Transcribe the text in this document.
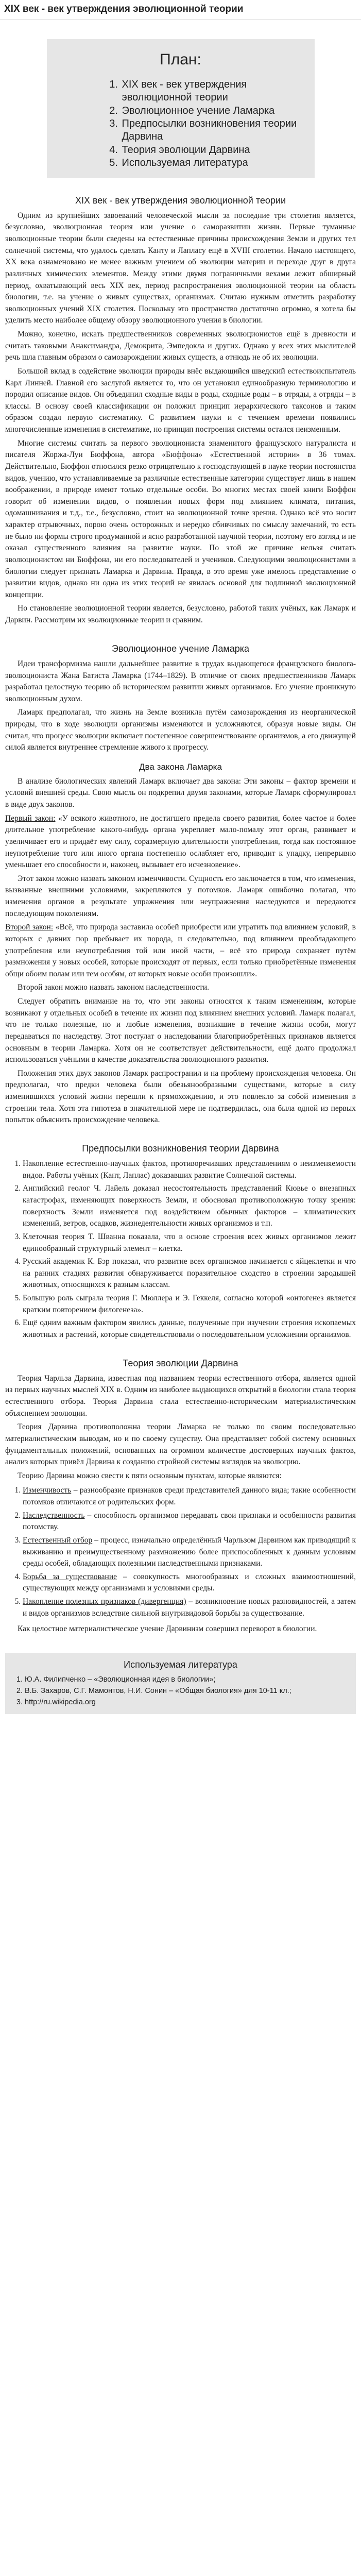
XIX век - век утверждения эволюционной теории
План:
1. XIX век - век утверждения эволюционной теории
2. Эволюционное учение Ламарка
3. Предпосылки возникновения теории Дарвина
4. Теория эволюции Дарвина
5. Используемая литература
XIX век - век утверждения эволюционной теории

Одним из крупнейших завоеваний человеческой мысли за последние три столетия является, безусловно, эволюционная теория или учение о саморазвитии жизни. Первые туманные эволюционные теории были сведены на естественные причины происхождения Земли и других тел солнечной системы, что удалось сделать Канту и Лапласу ещё в XVIII столетии. Начало настоящего, XX века ознаменовано не менее важным учением об эволюции материи и переходе друг в друга различных химических элементов. Между этими двумя пограничными вехами лежит обширный период, охватывающий весь XIX век, период распространения эволюционной теории на область биологии, т.е. на учение о живых существах, организмах. Считаю нужным отметить разработку эволюционных учений XIX столетия. Поскольку это пространство достаточно огромно, я хотела бы уделить место наиболее общему обзору эволюционного учения в биологии.

Можно, конечно, искать предшественников современных эволюционистов ещё в древности и считать таковыми Анаксимандра, Демокрита, Эмпедокла и других. Однако у всех этих мыслителей речь шла главным образом о самозарождении живых существ, а отнюдь не об их эволюции.

Большой вклад в содействие эволюции природы внёс выдающийся шведский естествоиспытатель Карл Линней. Главной его заслугой является то, что он установил единообразную терминологию и породил описание видов. Он объединил сходные виды в роды, сходные роды – в отряды, а отряды – в классы. В основу своей классификации он положил принцип иерархического таксонов и таким образом создал первую систематику. С развитием науки и с течением времени появились многочисленные изменения в систематике, но принцип построения системы остался неизменным.

Многие системы считать за первого эволюциониста знаменитого французского натуралиста и писателя Жоржа-Луи Бюффона, автора «Бюффона» «Естественной истории» в 36 томах. Действительно, Бюффон относился резко отрицательно к господствующей в науке теории постоянства видов, учению, что устанавливаемые за различные естественные категории существует лишь в нашем воображении, в природе имеют только отдельные особи. Во многих местах своей книги Бюффон говорит об изменении видов, о появлении новых форм под влиянием климата, питания, одомашнивания и т.д., т.е., безусловно, стоит на эволюционной точке зрения. Однако всё это носит характер отрывочных, порою очень осторожных и нередко сбивчивых по смыслу замечаний, то есть не было ни формы строго продуманной и ясно разработанной научной теории, поэтому его взгляд и не оказал существенного влияния на развитие науки. По этой же причине нельзя считать эволюционистом ни Бюффона, ни его последователей и учеников. Следующими эволюционистами в биологии следует признать Ламарка и Дарвина. Правда, в это время уже имелось представление о развитии видов, однако ни одна из этих теорий не явилась основой для подлинной эволюционной концепции.

Но становление эволюционной теории является, безусловно, работой таких учёных, как Ламарк и Дарвин. Рассмотрим их эволюционные теории и сравним.

Эволюционное учение Ламарка

Идеи трансформизма нашли дальнейшее развитие в трудах выдающегося французского биолога-эволюциониста Жана Батиста Ламарка (1744–1829). В отличие от своих предшественников Ламарк разработал целостную теорию об историческом развитии живых организмов. Его учение проникнуто эволюционным духом.

Ламарк предполагал, что жизнь на Земле возникла путём самозарождения из неорганической природы, что в ходе эволюции организмы изменяются и усложняются, образуя новые виды. Он считал, что процесс эволюции включает постепенное совершенствование организмов, а его движущей силой является внутреннее стремление живого к прогрессу.

Два закона Ламарка

В анализе биологических явлений Ламарк включает два закона: Эти законы – фактор времени и условий внешней среды. Свою мысль он подкрепил двумя законами, которые Ламарк сформулировал в виде двух законов.

Первый закон: «У всякого животного, не достигшего предела своего развития, более частое и более длительное употребление какого-нибудь органа укрепляет мало-помалу этот орган, развивает и увеличивает его и придаёт ему силу, соразмерную длительности употребления, тогда как постоянное неупотребление того или иного органа постепенно ослабляет его, приводит к упадку, непрерывно уменьшает его способности и, наконец, вызывает его исчезновение».

Этот закон можно назвать законом изменчивости. Сущность его заключается в том, что изменения, вызванные внешними условиями, закрепляются у потомков. Ламарк ошибочно полагал, что изменения органов в результате упражнения или неупражнения наследуются и передаются последующим поколениям.

Второй закон: «Всё, что природа заставила особей приобрести или утратить под влиянием условий, в которых с давних пор пребывает их порода, и следовательно, под влиянием преобладающего употребления или неупотребления той или иной части, – всё это природа сохраняет путём размножения у новых особей, которые происходят от первых, если только приобретённые изменения общи обоим полам или тем особям, от которых новые особи произошли».

Второй закон можно назвать законом наследственности.

Следует обратить внимание на то, что эти законы относятся к таким изменениям, которые возникают у отдельных особей в течение их жизни под влиянием внешних условий. Ламарк полагал, что не только полезные, но и любые изменения, возникшие в течение жизни особи, могут передаваться по наследству. Этот постулат о наследовании благоприобретённых признаков является основным в теории Ламарка. Хотя он не соответствует действительности, ещё долго продолжал использоваться учёными в качестве доказательства эволюционного развития.

Положения этих двух законов Ламарк распространил и на проблему происхождения человека. Он предполагал, что предки человека были обезьянообразными существами, которые в силу изменившихся условий жизни перешли к прямохождению, и это повлекло за собой изменения в строении тела. Хотя эта гипотеза в значительной мере не подтвердилась, она была одной из первых попыток объяснить происхождение человека.

Предпосылки возникновения теории Дарвина
1. Накопление естественно-научных фактов, противоречивших представлениям о неизменяемости видов. Работы учёных (Кант, Лаплас) доказавших развитие Солнечной системы.
2. Английский геолог Ч. Лайель доказал несостоятельность представлений Кювье о внезапных катастрофах, изменяющих поверхность Земли, и обосновал противоположную точку зрения: поверхность Земли изменяется под воздействием обычных факторов – климатических изменений, ветров, осадков, жизнедеятельности живых организмов и т.п.
3. Клеточная теория Т. Шванна показала, что в основе строения всех живых организмов лежит единообразный структурный элемент – клетка.
4. Русский академик К. Бэр показал, что развитие всех организмов начинается с яйцеклетки и что на ранних стадиях развития обнаруживается поразительное сходство в строении зародышей животных, относящихся к разным классам.
5. Большую роль сыграла теория Г. Мюллера и Э. Геккеля, согласно которой «онтогенез является кратким повторением филогенеза».
6. Ещё одним важным фактором явились данные, полученные при изучении строения ископаемых животных и растений, которые свидетельствовали о последовательном усложнении организмов.
Теория эволюции Дарвина

Теория Чарльза Дарвина, известная под названием теории естественного отбора, является одной из первых научных мыслей XIX в. Одним из наиболее выдающихся открытий в биологии стала теория естественного отбора. Теория Дарвина стала естественно-историческим материалистическим объяснением эволюции.

Теория Дарвина противоположна теории Ламарка не только по своим последовательно материалистическим выводам, но и по своему существу. Она представляет собой систему основных фундаментальных положений, основанных на огромном количестве достоверных научных фактов, анализ которых привёл Дарвина к созданию стройной системы взглядов на эволюцию.

Теорию Дарвина можно свести к пяти основным пунктам, которые являются:

1. Изменчивость – разнообразие признаков среди представителей данного вида; такие особенности потомков отличаются от родительских форм.
2. Наследственность – способность организмов передавать свои признаки и особенности развития потомству.
3. Естественный отбор – процесс, изначально определённый Чарльзом Дарвином как приводящий к выживанию и преимущественному размножению более приспособленных к данным условиям среды особей, обладающих полезными наследственными признаками.
4. Борьба за существование – совокупность многообразных и сложных взаимоотношений, существующих между организмами и условиями среды.
5. Накопление полезных признаков (дивергенция) – возникновение новых разновидностей, а затем и видов организмов вследствие сильной внутривидовой борьбы за существование.

Как целостное материалистическое учение Дарвинизм совершил переворот в биологии.

Используемая литература
1. Ю.А. Филипченко – «Эволюционная идея в биологии»;
2. В.Б. Захаров, С.Г. Мамонтов, Н.И. Сонин – «Общая биология» для 10-11 кл.;
3. http://ru.wikipedia.org
